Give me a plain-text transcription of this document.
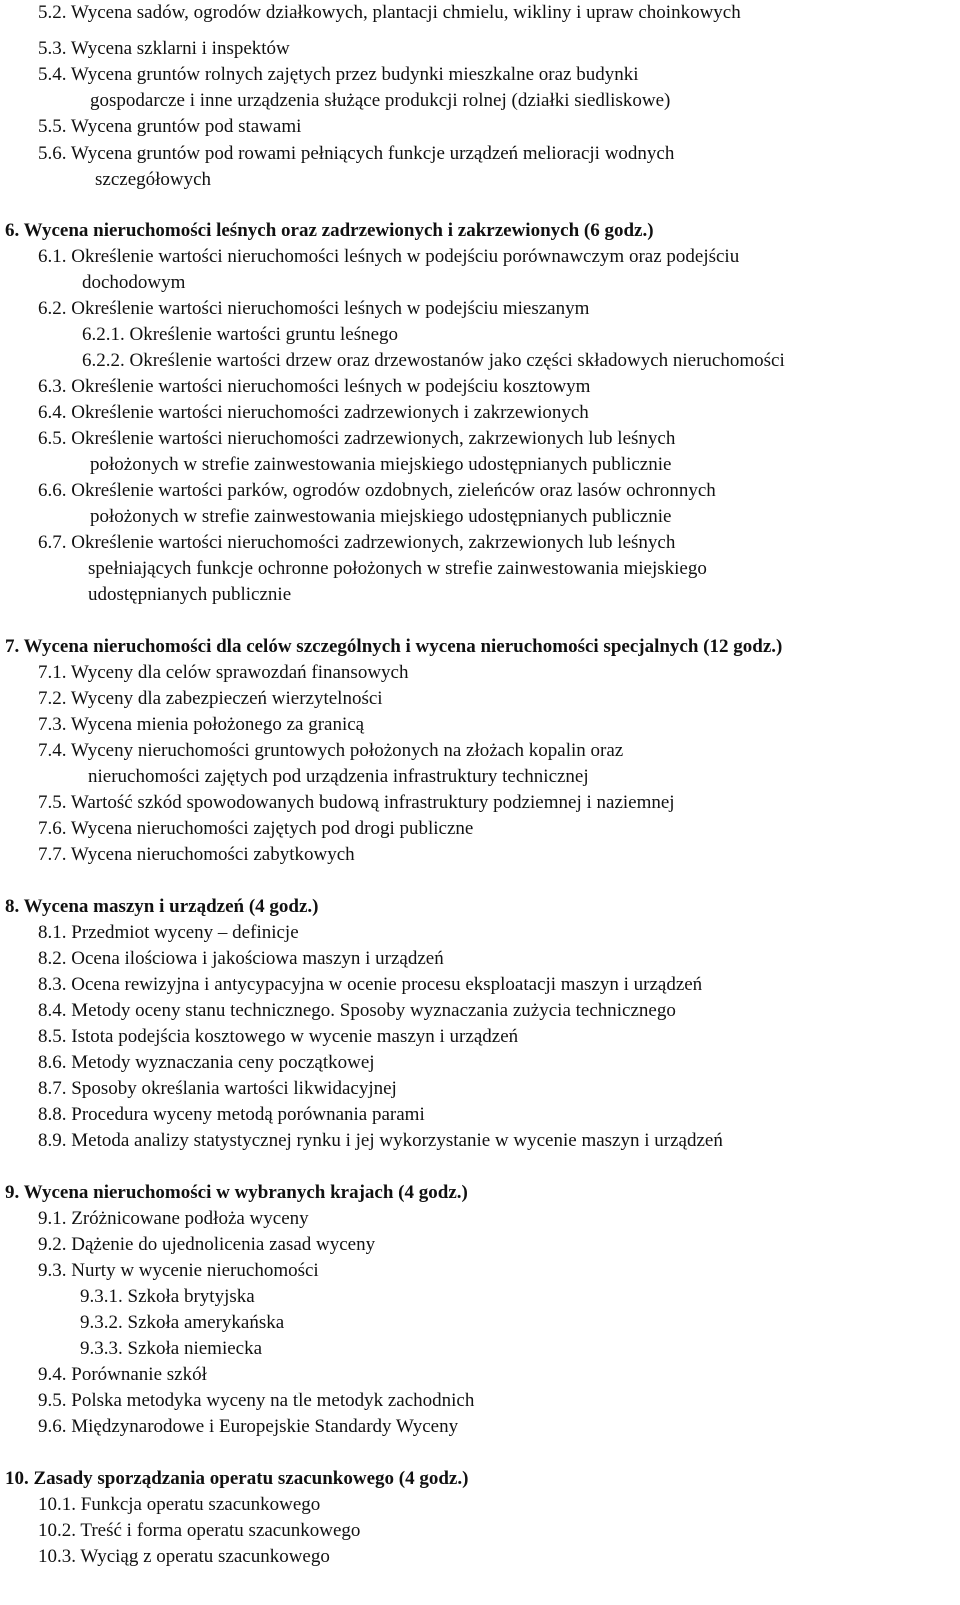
5.2. Wycena sadów, ogrodów działkowych, plantacji chmielu, wikliny i upraw choinkowych
5.3. Wycena szklarni i inspektów
5.4. Wycena gruntów rolnych zajętych przez budynki mieszkalne oraz budynki
gospodarcze i inne urządzenia służące produkcji rolnej (działki siedliskowe)
5.5. Wycena gruntów pod stawami
5.6. Wycena gruntów pod rowami pełniących funkcje urządzeń melioracji wodnych
szczegółowych
6. Wycena nieruchomości leśnych oraz zadrzewionych i zakrzewionych (6 godz.)
6.1. Określenie wartości nieruchomości leśnych w podejściu porównawczym oraz podejściu
dochodowym
6.2. Określenie wartości nieruchomości leśnych w podejściu mieszanym
6.2.1. Określenie wartości gruntu leśnego
6.2.2. Określenie wartości drzew oraz drzewostanów jako części składowych nieruchomości
6.3. Określenie wartości nieruchomości leśnych w podejściu kosztowym
6.4. Określenie wartości nieruchomości zadrzewionych i zakrzewionych
6.5. Określenie wartości nieruchomości zadrzewionych, zakrzewionych lub leśnych
położonych w strefie zainwestowania miejskiego udostępnianych publicznie
6.6. Określenie wartości parków, ogrodów ozdobnych, zieleńców oraz lasów ochronnych
położonych w strefie zainwestowania miejskiego udostępnianych publicznie
6.7. Określenie wartości nieruchomości zadrzewionych, zakrzewionych lub leśnych
spełniających funkcje ochronne położonych w strefie zainwestowania miejskiego
udostępnianych publicznie
7. Wycena nieruchomości dla celów szczególnych i wycena nieruchomości specjalnych (12 godz.)
7.1. Wyceny dla celów sprawozdań finansowych
7.2. Wyceny dla zabezpieczeń wierzytelności
7.3. Wycena mienia położonego za granicą
7.4. Wyceny nieruchomości gruntowych położonych na złożach kopalin oraz
nieruchomości zajętych pod urządzenia infrastruktury technicznej
7.5. Wartość szkód spowodowanych budową infrastruktury podziemnej i naziemnej
7.6. Wycena nieruchomości zajętych pod drogi publiczne
7.7. Wycena nieruchomości zabytkowych
8. Wycena maszyn i urządzeń (4 godz.)
8.1. Przedmiot wyceny – definicje
8.2. Ocena ilościowa i jakościowa maszyn i urządzeń
8.3. Ocena rewizyjna i antycypacyjna w ocenie procesu eksploatacji maszyn i urządzeń
8.4. Metody oceny stanu technicznego. Sposoby wyznaczania zużycia technicznego
8.5. Istota podejścia kosztowego w wycenie maszyn i urządzeń
8.6. Metody wyznaczania ceny początkowej
8.7. Sposoby określania wartości likwidacyjnej
8.8. Procedura wyceny metodą porównania parami
8.9. Metoda analizy statystycznej rynku i jej wykorzystanie w wycenie maszyn i urządzeń
9. Wycena nieruchomości w wybranych krajach (4 godz.)
9.1. Zróżnicowane podłoża wyceny
9.2. Dążenie do ujednolicenia zasad wyceny
9.3. Nurty w wycenie nieruchomości
9.3.1. Szkoła brytyjska
9.3.2. Szkoła amerykańska
9.3.3. Szkoła niemiecka
9.4. Porównanie szkół
9.5. Polska metodyka wyceny na tle metodyk zachodnich
9.6. Międzynarodowe i Europejskie Standardy Wyceny
10. Zasady sporządzania operatu szacunkowego (4 godz.)
10.1. Funkcja operatu szacunkowego
10.2. Treść i forma operatu szacunkowego
10.3. Wyciąg z operatu szacunkowego
